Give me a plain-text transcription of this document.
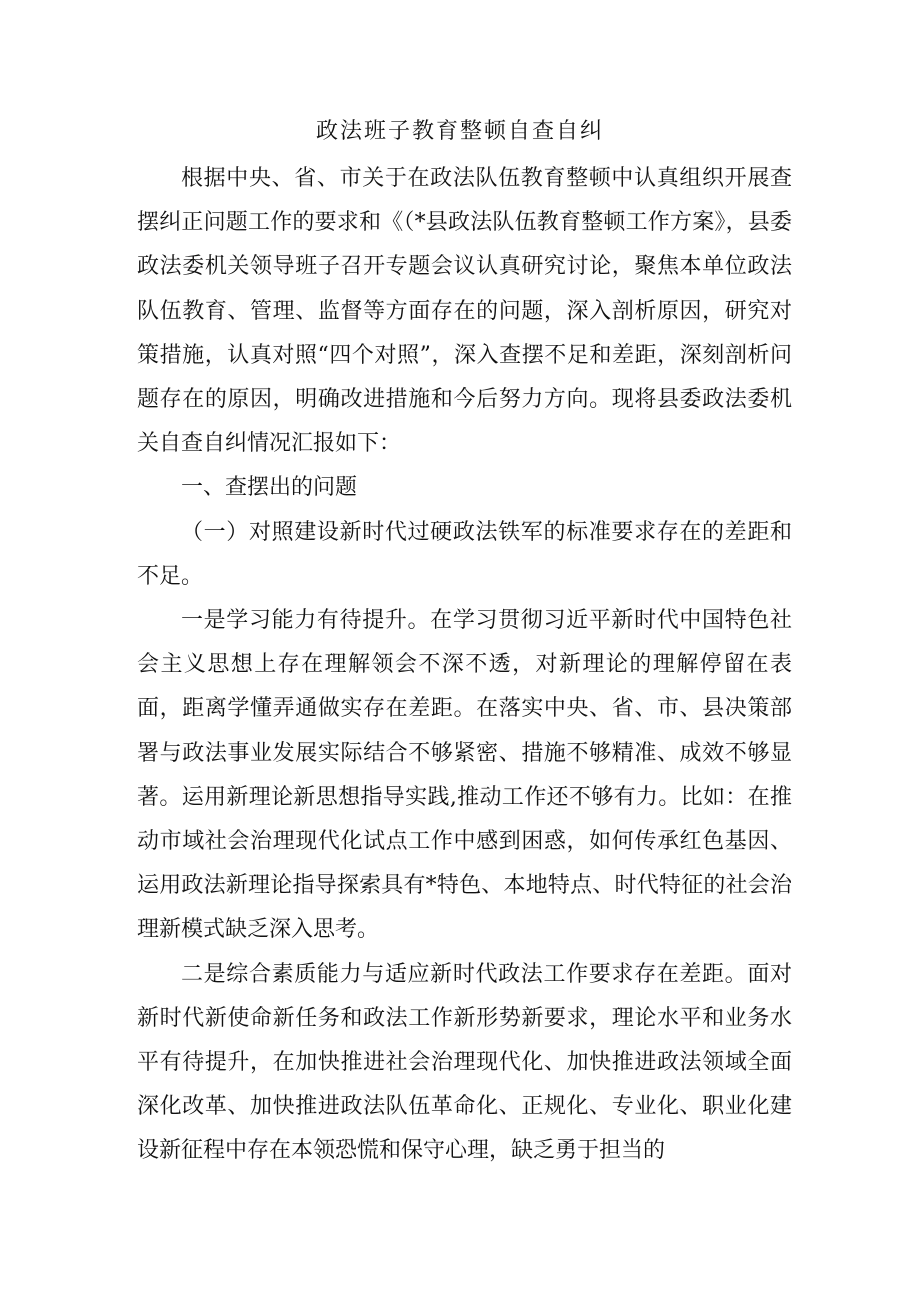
政法班子教育整顿自查自纠

根据中央、省、市关于在政法队伍教育整顿中认真组织开展查摆纠正问题工作的要求和《（*县政法队伍教育整顿工作方案》，县委政法委机关领导班子召开专题会议认真研究讨论，聚焦本单位政法队伍教育、管理、监督等方面存在的问题，深入剖析原因，研究对策措施，认真对照“四个对照”，深入查摆不足和差距，深刻剖析问题存在的原因，明确改进措施和今后努力方向。现将县委政法委机关自查自纠情况汇报如下：

一、查摆出的问题

（一）对照建设新时代过硬政法铁军的标准要求存在的差距和不足。

一是学习能力有待提升。在学习贯彻习近平新时代中国特色社会主义思想上存在理解领会不深不透，对新理论的理解停留在表面，距离学懂弄通做实存在差距。在落实中央、省、市、县决策部署与政法事业发展实际结合不够紧密、措施不够精准、成效不够显著。运用新理论新思想指导实践,推动工作还不够有力。比如：在推动市域社会治理现代化试点工作中感到困惑，如何传承红色基因、运用政法新理论指导探索具有*特色、本地特点、时代特征的社会治理新模式缺乏深入思考。

二是综合素质能力与适应新时代政法工作要求存在差距。面对新时代新使命新任务和政法工作新形势新要求，理论水平和业务水平有待提升，在加快推进社会治理现代化、加快推进政法领域全面深化改革、加快推进政法队伍革命化、正规化、专业化、职业化建设新征程中存在本领恐慌和保守心理，缺乏勇于担当的
